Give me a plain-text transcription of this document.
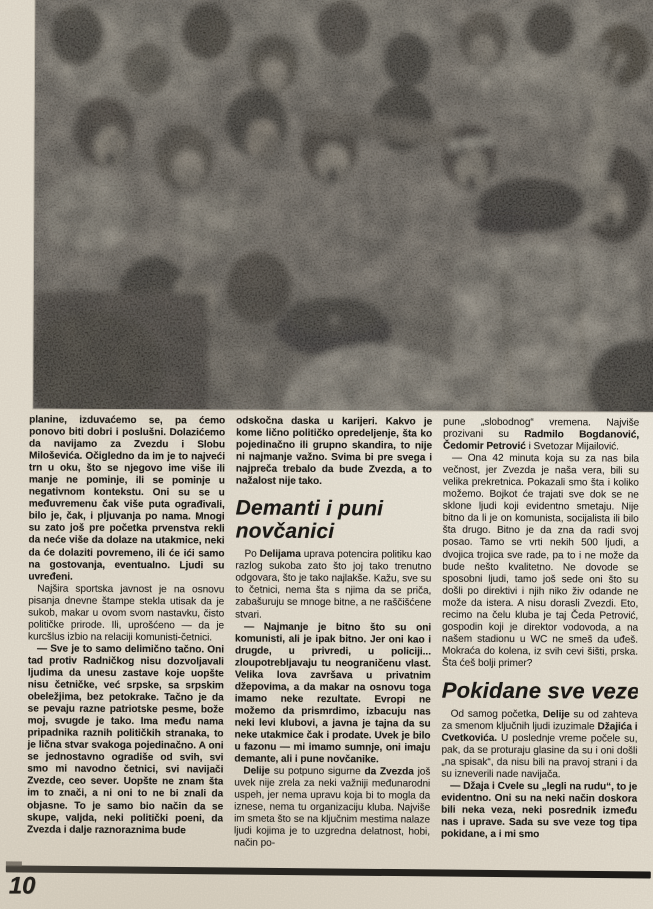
planine, izduvaćemo se, pa ćemo ponovo biti dobri i poslušni. Dolazićemo da navijamo za Zvezdu i Slobu Miloševića. Očigledno da im je to najveći trn u oku, što se njegovo ime više ili manje ne pominje, ili se pominje u negativnom kontekstu. Oni su se u međuvremenu čak više puta ograđivali, bilo je, čak, i pljuvanja po nama. Mnogi su zato još pre početka prvenstva rekli da neće više da dolaze na utakmice, neki da će dolaziti povremeno, ili će ići samo na gostovanja, eventualno. Ljudi su uvređeni.

Najšira sportska javnost je na osnovu pisanja dnevne štampe stekla utisak da je sukob, makar u ovom svom nastavku, čisto političke prirode. Ili, uprošćeno — da je kurcšlus izbio na relaciji komunisti-četnici.

— Sve je to samo delimično tačno. Oni tad protiv Radničkog nisu dozvoljavali ljudima da unesu zastave koje uopšte nisu četničke, već srpske, sa srpskim obeležjima, bez petokrake. Tačno je da se pevaju razne patriotske pesme, bože moj, svugde je tako. Ima među nama pripadnika raznih političkih stranaka, to je lična stvar svakoga pojedinačno. A oni se jednostavno ogradiše od svih, svi smo mi navodno četnici, svi navijači Zvezde, ceo sever. Uopšte ne znam šta im to znači, a ni oni to ne bi znali da objasne. To je samo bio način da se skupe, valjda, neki politički poeni, da Zvezda i dalje raznoraznima bude

odskočna daska u karijeri. Kakvo je kome lično političko opredeljenje, šta ko pojedinačno ili grupno skandira, to nije ni najmanje važno. Svima bi pre svega i najpreča trebalo da bude Zvezda, a to nažalost nije tako.

Demanti i puni novčanici

Po Delijama uprava potencira politiku kao razlog sukoba zato što joj tako trenutno odgovara, što je tako najlakše. Kažu, sve su to četnici, nema šta s njima da se priča, zabašuruju se mnoge bitne, a ne raščišćene stvari.

— Najmanje je bitno što su oni komunisti, ali je ipak bitno. Jer oni kao i drugde, u privredi, u policiji... zloupotrebljavaju tu neograničenu vlast. Velika lova završava u privatnim džepovima, a da makar na osnovu toga imamo neke rezultate. Evropi ne možemo da prismrdimo, izbacuju nas neki levi klubovi, a javna je tajna da su neke utakmice čak i prodate. Uvek je bilo u fazonu — mi imamo sumnje, oni imaju demante, ali i pune novčanike.

Delije su potpuno sigurne da Zvezda još uvek nije zrela za neki važniji međunarodni uspeh, jer nema upravu koja bi to mogla da iznese, nema tu organizaciju kluba. Najviše im smeta što se na ključnim mestima nalaze ljudi kojima je to uzgredna delatnost, hobi, način po-

pune „slobodnog“ vremena. Najviše prozivani su Radmilo Bogdanović, Čedomir Petrović i Svetozar Mijailović.

— Ona 42 minuta koja su za nas bila večnost, jer Zvezda je naša vera, bili su velika prekretnica. Pokazali smo šta i koliko možemo. Bojkot će trajati sve dok se ne sklone ljudi koji evidentno smetaju. Nije bitno da li je on komunista, socijalista ili bilo šta drugo. Bitno je da zna da radi svoj posao. Tamo se vrti nekih 500 ljudi, a dvojica trojica sve rade, pa to i ne može da bude nešto kvalitetno. Ne dovode se sposobni ljudi, tamo još sede oni što su došli po direktivi i njih niko živ odande ne može da istera. A nisu dorasli Zvezdi. Eto, recimo na čelu kluba je taj Čeda Petrović, gospodin koji je direktor vodovoda, a na našem stadionu u WC ne smeš da uđeš. Mokraća do kolena, iz svih cevi šišti, prska. Šta ćeš bolji primer?

Pokidane sve veze

Od samog početka, Delije su od zahteva za smenom ključnih ljudi izuzimale Džajića i Cvetkovića. U poslednje vreme počele su, pak, da se proturaju glasine da su i oni došli „na spisak“, da nisu bili na pravoj strani i da su izneverili nade navijača.

— Džaja i Cvele su „legli na rudu“, to je evidentno. Oni su na neki način doskora bili neka veza, neki posrednik između nas i uprave. Sada su sve veze tog tipa pokidane, a i mi smo

10
